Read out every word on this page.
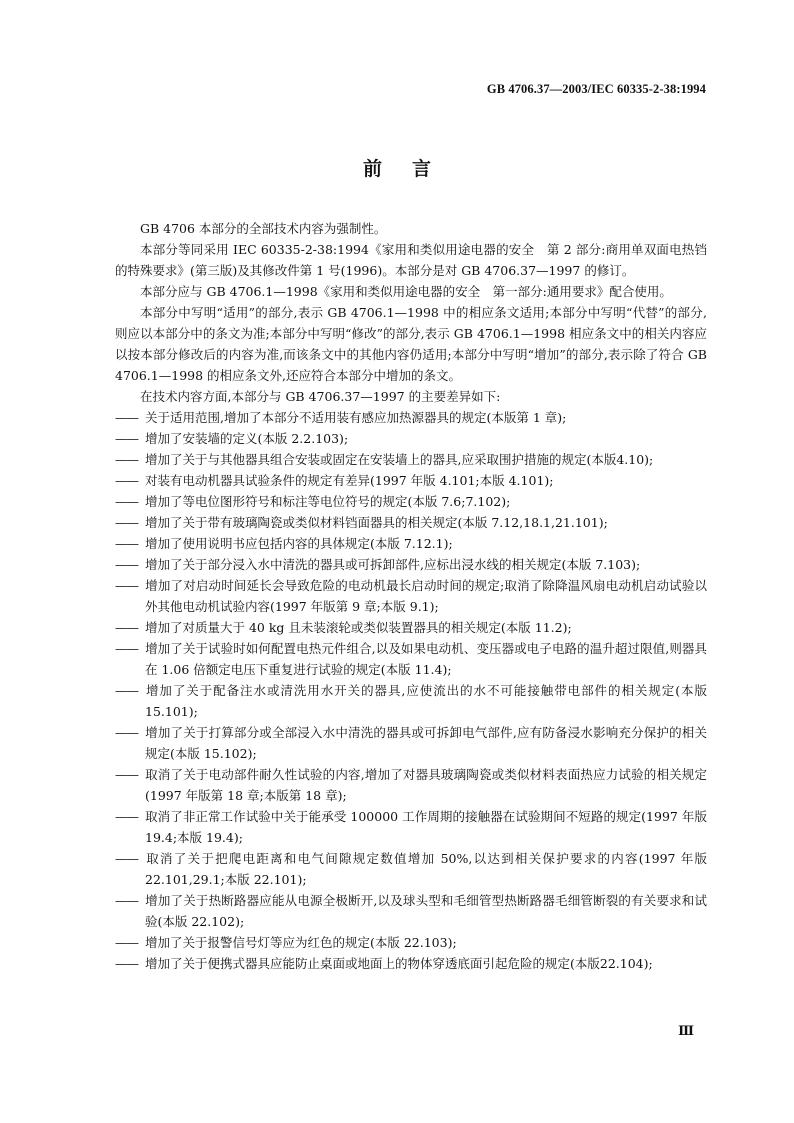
GB 4706.37—2003/IEC 60335-2-38:1994
前言

GB 4706 本部分的全部技术内容为强制性。

本部分等同采用 IEC 60335-2-38:1994《家用和类似用途电器的安全　第 2 部分:商用单双面电热铛的特殊要求》(第三版)及其修改件第 1 号(1996)。本部分是对 GB 4706.37—1997 的修订。

本部分应与 GB 4706.1—1998《家用和类似用途电器的安全　第一部分:通用要求》配合使用。

本部分中写明“适用”的部分,表示 GB 4706.1—1998 中的相应条文适用;本部分中写明“代替”的部分,则应以本部分中的条文为准;本部分中写明“修改”的部分,表示 GB 4706.1—1998 相应条文中的相关内容应以按本部分修改后的内容为准,而该条文中的其他内容仍适用;本部分中写明“增加”的部分,表示除了符合 GB 4706.1—1998 的相应条文外,还应符合本部分中增加的条文。

在技术内容方面,本部分与 GB 4706.37—1997 的主要差异如下:

—— 关于适用范围,增加了本部分不适用装有感应加热源器具的规定(本版第 1 章);

—— 增加了安装墙的定义(本版 2.2.103);

—— 增加了关于与其他器具组合安装或固定在安装墙上的器具,应采取围护措施的规定(本版4.10);

—— 对装有电动机器具试验条件的规定有差异(1997 年版 4.101;本版 4.101);

—— 增加了等电位图形符号和标注等电位符号的规定(本版 7.6;7.102);

—— 增加了关于带有玻璃陶瓷或类似材料铛面器具的相关规定(本版 7.12,18.1,21.101);

—— 增加了使用说明书应包括内容的具体规定(本版 7.12.1);

—— 增加了关于部分浸入水中清洗的器具或可拆卸部件,应标出浸水线的相关规定(本版 7.103);

—— 增加了对启动时间延长会导致危险的电动机最长启动时间的规定;取消了除降温风扇电动机启动试验以外其他电动机试验内容(1997 年版第 9 章;本版 9.1);

—— 增加了对质量大于 40 kg 且未装滚轮或类似装置器具的相关规定(本版 11.2);

—— 增加了关于试验时如何配置电热元件组合,以及如果电动机、变压器或电子电路的温升超过限值,则器具在 1.06 倍额定电压下重复进行试验的规定(本版 11.4);

—— 增加了关于配备注水或清洗用水开关的器具,应使流出的水不可能接触带电部件的相关规定(本版 15.101);

—— 增加了关于打算部分或全部浸入水中清洗的器具或可拆卸电气部件,应有防备浸水影响充分保护的相关规定(本版 15.102);

—— 取消了关于电动部件耐久性试验的内容,增加了对器具玻璃陶瓷或类似材料表面热应力试验的相关规定(1997 年版第 18 章;本版第 18 章);

—— 取消了非正常工作试验中关于能承受 100000 工作周期的接触器在试验期间不短路的规定(1997 年版 19.4;本版 19.4);

—— 取消了关于把爬电距离和电气间隙规定数值增加 50%,以达到相关保护要求的内容(1997 年版 22.101,29.1;本版 22.101);

—— 增加了关于热断路器应能从电源全极断开,以及球头型和毛细管型热断路器毛细管断裂的有关要求和试验(本版 22.102);

—— 增加了关于报警信号灯等应为红色的规定(本版 22.103);

—— 增加了关于便携式器具应能防止桌面或地面上的物体穿透底面引起危险的规定(本版22.104);

Ⅲ
